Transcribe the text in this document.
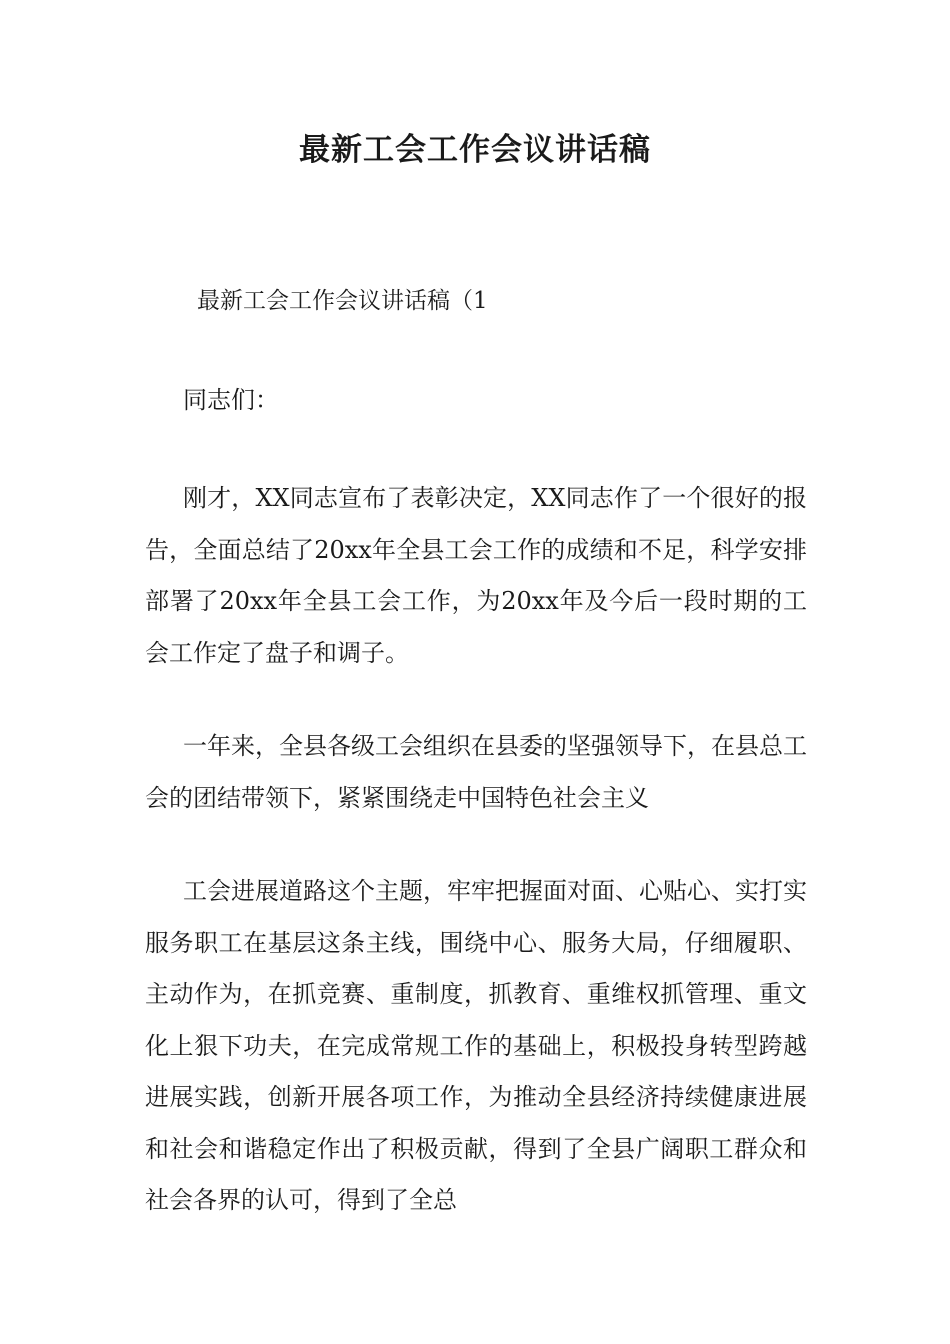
最新工会工作会议讲话稿

最新工会工作会议讲话稿（1

同志们：

刚才，XX同志宣布了表彰决定，XX同志作了一个很好的报告，全面总结了20xx年全县工会工作的成绩和不足，科学安排部署了20xx年全县工会工作，为20xx年及今后一段时期的工会工作定了盘子和调子。

一年来，全县各级工会组织在县委的坚强领导下，在县总工会的团结带领下，紧紧围绕走中国特色社会主义

工会进展道路这个主题，牢牢把握面对面、心贴心、实打实服务职工在基层这条主线，围绕中心、服务大局，仔细履职、主动作为，在抓竞赛、重制度，抓教育、重维权抓管理、重文化上狠下功夫，在完成常规工作的基础上，积极投身转型跨越进展实践，创新开展各项工作，为推动全县经济持续健康进展和社会和谐稳定作出了积极贡献，得到了全县广阔职工群众和社会各界的认可，得到了全总
